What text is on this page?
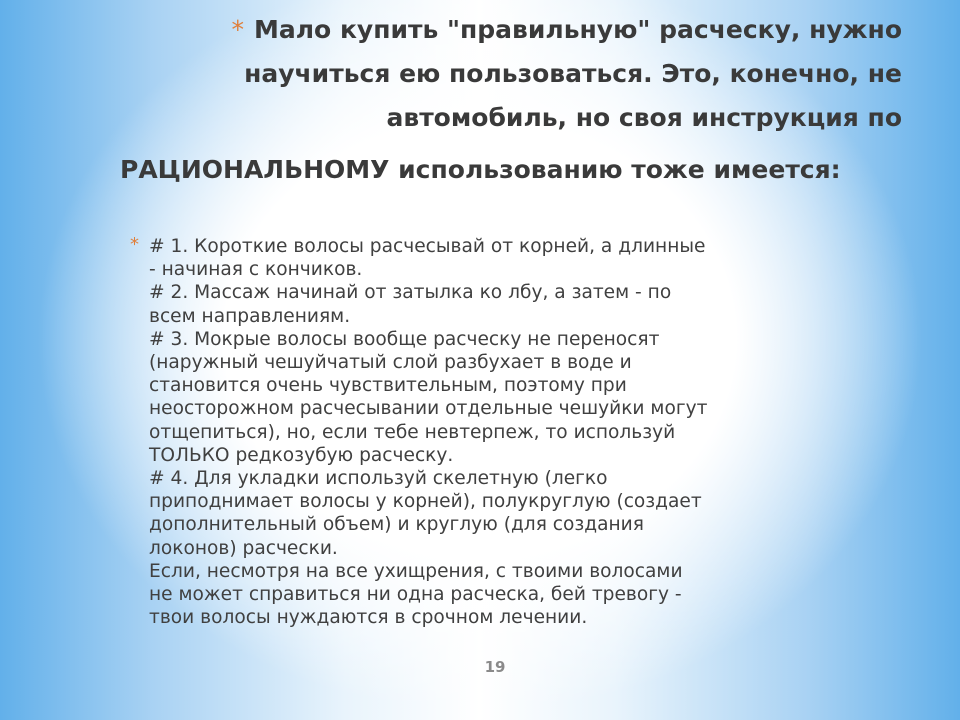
* Мало купить "правильную" расческу, нужно
научиться ею пользоваться. Это, конечно, не
автомобиль, но своя инструкция по
РАЦИОНАЛЬНОМУ использованию тоже имеется:
* # 1. Короткие волосы расчесывай от корней, а длинные
- начиная с кончиков.
# 2. Массаж начинай от затылка ко лбу, а затем - по
всем направлениям.
# 3. Мокрые волосы вообще расческу не переносят
(наружный чешуйчатый слой разбухает в воде и
становится очень чувствительным, поэтому при
неосторожном расчесывании отдельные чешуйки могут
отщепиться), но, если тебе невтерпеж, то используй
ТОЛЬКО редкозубую расческу.
# 4. Для укладки используй скелетную (легко
приподнимает волосы у корней), полукруглую (создает
дополнительный объем) и круглую (для создания
локонов) расчески.
Если, несмотря на все ухищрения, с твоими волосами
не может справиться ни одна расческа, бей тревогу -
твои волосы нуждаются в срочном лечении.
19
